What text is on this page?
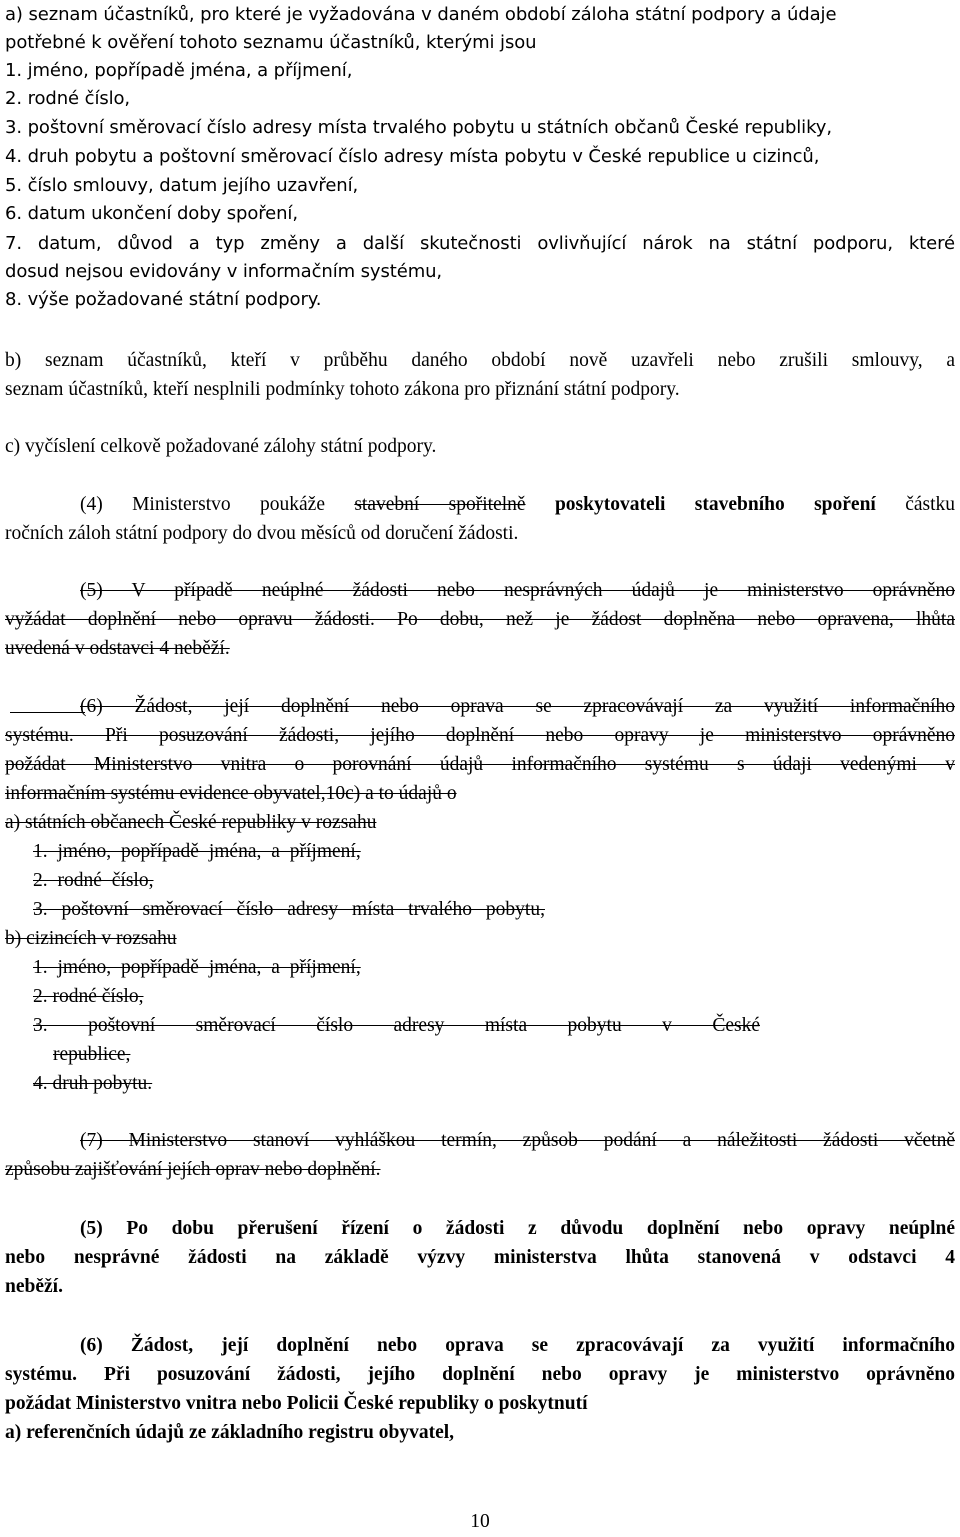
a) seznam účastníků, pro které je vyžadována v daném období záloha státní podpory a údaje
potřebné k ověření tohoto seznamu účastníků, kterými jsou
1. jméno, popřípadě jména, a příjmení,
2. rodné číslo,
3. poštovní směrovací číslo adresy místa trvalého pobytu u státních občanů České republiky,
4. druh pobytu a poštovní směrovací číslo adresy místa pobytu v České republice u cizinců,
5. číslo smlouvy, datum jejího uzavření,
6. datum ukončení doby spoření,
7. datum, důvod a typ změny a další skutečnosti ovlivňující nárok na státní podporu, které
dosud nejsou evidovány v informačním systému,
8. výše požadované státní podpory.
b) seznam účastníků, kteří v průběhu daného období nově uzavřeli nebo zrušili smlouvy, a
seznam účastníků, kteří nesplnili podmínky tohoto zákona pro přiznání státní podpory.
c) vyčíslení celkově požadované zálohy státní podpory.
(4) Ministerstvo poukáže stavební spořitelně poskytovateli stavebního spoření částku
ročních záloh státní podpory do dvou měsíců od doručení žádosti.
(5) V případě neúplné žádosti nebo nesprávných údajů je ministerstvo oprávněno
vyžádat doplnění nebo opravu žádosti. Po dobu, než je žádost doplněna nebo opravena, lhůta
uvedená v odstavci 4 neběží.
(6) Žádost, její doplnění nebo oprava se zpracovávají za využití informačního
systému. Při posuzování žádosti, jejího doplnění nebo opravy je ministerstvo oprávněno
požádat Ministerstvo vnitra o porovnání údajů informačního systému s údaji vedenými v
informačním systému evidence obyvatel,10c) a to údajů o
a) státních občanech České republiky v rozsahu
1. jméno, popřípadě jména, a příjmení,
2. rodné číslo,
3. poštovní směrovací číslo adresy místa trvalého pobytu,
b) cizincích v rozsahu
1. jméno, popřípadě jména, a příjmení,
2. rodné číslo,
3. poštovní směrovací číslo adresy místa pobytu v České
republice,
4. druh pobytu.
(7) Ministerstvo stanoví vyhláškou termín, způsob podání a náležitosti žádosti včetně
způsobu zajišťování jejích oprav nebo doplnění.
(5) Po dobu přerušení řízení o žádosti z důvodu doplnění nebo opravy neúplné
nebo nesprávné žádosti na základě výzvy ministerstva lhůta stanovená v odstavci 4
neběží.
(6) Žádost, její doplnění nebo oprava se zpracovávají za využití informačního
systému. Při posuzování žádosti, jejího doplnění nebo opravy je ministerstvo oprávněno
požádat Ministerstvo vnitra nebo Policii České republiky o poskytnutí
a) referenčních údajů ze základního registru obyvatel,
10
